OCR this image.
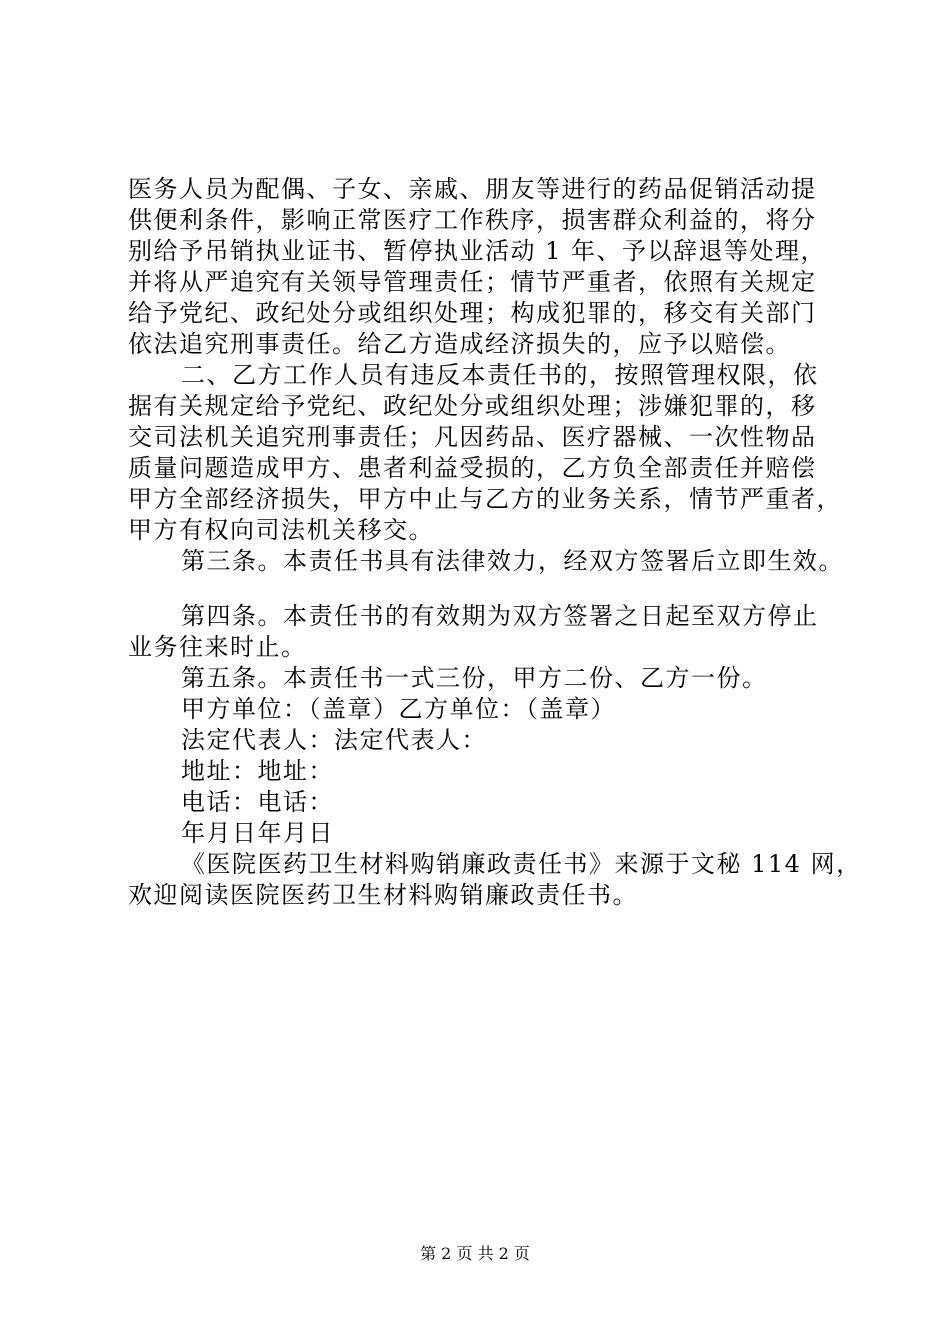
医务人员为配偶、子女、亲戚、朋友等进行的药品促销活动提
供便利条件，影响正常医疗工作秩序，损害群众利益的，将分
别给予吊销执业证书、暂停执业活动 1 年、予以辞退等处理，
并将从严追究有关领导管理责任；情节严重者，依照有关规定
给予党纪、政纪处分或组织处理；构成犯罪的，移交有关部门
依法追究刑事责任。给乙方造成经济损失的，应予以赔偿。
二、乙方工作人员有违反本责任书的，按照管理权限，依
据有关规定给予党纪、政纪处分或组织处理；涉嫌犯罪的，移
交司法机关追究刑事责任；凡因药品、医疗器械、一次性物品
质量问题造成甲方、患者利益受损的，乙方负全部责任并赔偿
甲方全部经济损失，甲方中止与乙方的业务关系，情节严重者，
甲方有权向司法机关移交。
第三条。本责任书具有法律效力，经双方签署后立即生效。
第四条。本责任书的有效期为双方签署之日起至双方停止
业务往来时止。
第五条。本责任书一式三份，甲方二份、乙方一份。
甲方单位：（盖章）乙方单位：（盖章）
法定代表人：法定代表人：
地址：地址：
电话：电话：
年月日年月日
《医院医药卫生材料购销廉政责任书》来源于文秘 114 网，
欢迎阅读医院医药卫生材料购销廉政责任书。
第 2 页 共 2 页
